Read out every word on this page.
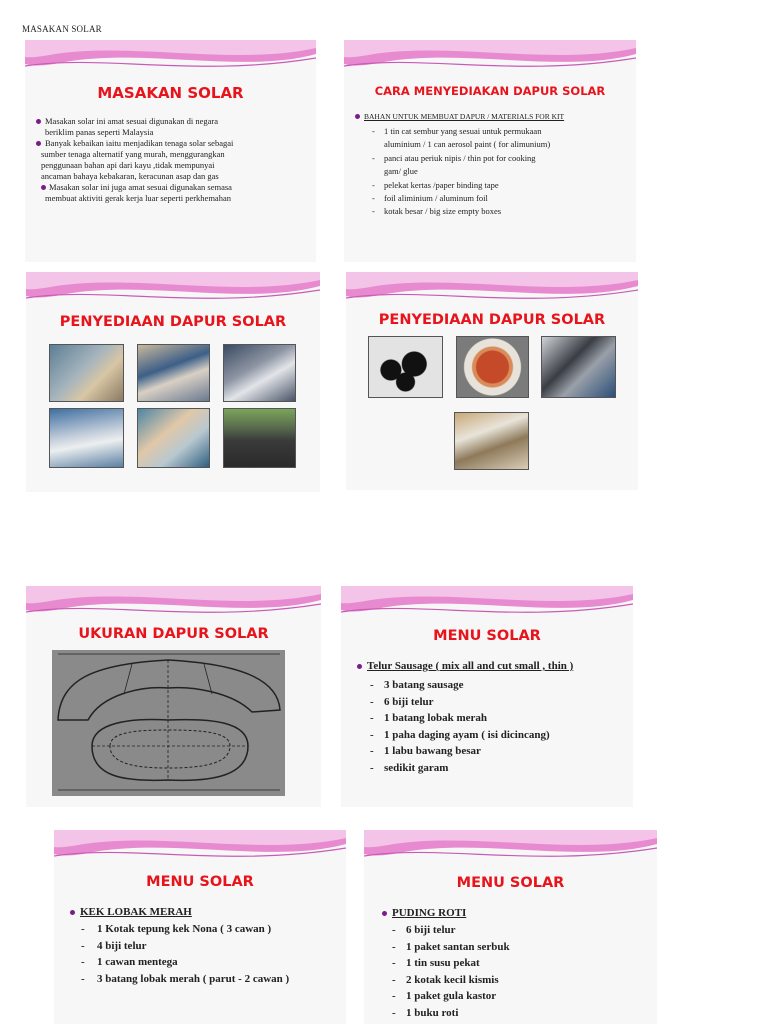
MASAKAN SOLAR
MASAKAN SOLAR
Masakan solar ini amat sesuai digunakan di negara
beriklim panas seperti Malaysia
Banyak kebaikan iaitu menjadikan tenaga solar sebagai
sumber tenaga alternatif yang murah, menggurangkan
penggunaan bahan api dari kayu ,tidak mempunyai
ancaman bahaya kebakaran, keracunan asap dan gas
Masakan solar ini juga amat sesuai digunakan semasa
membuat aktiviti gerak kerja luar seperti perkhemahan
CARA MENYEDIAKAN DAPUR SOLAR
BAHAN UNTUK MEMBUAT DAPUR / MATERIALS FOR KIT
- 1 tin cat sembur yang sesuai untuk permukaan
aluminium / 1 can aerosol paint ( for alimunium)
- panci atau periuk nipis / thin pot for cooking
gam/ glue
- pelekat kertas /paper binding tape
- foil aliminium / aluminum foil
- kotak besar / big size empty boxes
PENYEDIAAN DAPUR SOLAR	PENYEDIAAN DAPUR SOLAR
UKURAN DAPUR SOLAR	MENU SOLAR
Telur Sausage ( mix all and cut small , thin )
- 3 batang sausage
- 6 biji telur
- 1 batang lobak merah
- 1 paha daging ayam ( isi dicincang)
- 1 labu bawang besar
- sedikit garam
MENU SOLAR
KEK LOBAK MERAH
- 1 Kotak tepung kek Nona ( 3 cawan )
- 4 biji telur
- 1 cawan mentega
- 3 batang lobak merah ( parut - 2 cawan )
MENU SOLAR
PUDING ROTI
- 6 biji telur
- 1 paket santan serbuk
- 1 tin susu pekat
- 2 kotak kecil kismis
- 1 paket gula kastor
- 1 buku roti
